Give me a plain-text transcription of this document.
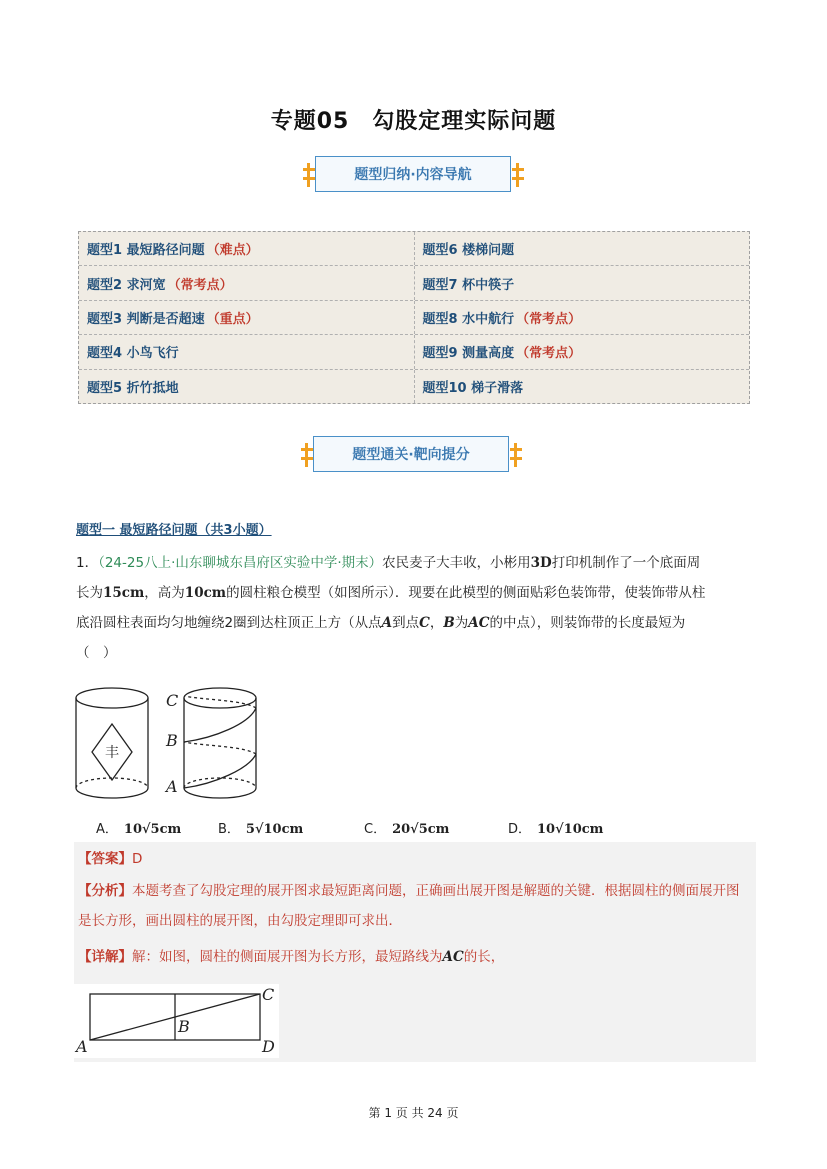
专题05　勾股定理实际问题
题型归纳·内容导航
题型1 最短路径问题 （难点）	题型6 楼梯问题
题型2 求河宽 （常考点）	题型7 杯中筷子
题型3 判断是否超速 （重点）	题型8 水中航行 （常考点）
题型4 小鸟飞行	题型9 测量高度 （常考点）
题型5 折竹抵地	题型10 梯子滑落
题型通关·靶向提分
题型一 最短路径问题（共3小题）
1．（24-25八上·山东聊城东昌府区实验中学·期末）农民麦子大丰收，小彬用3D打印机制作了一个底面周
长为15cm，高为10cm的圆柱粮仓模型（如图所示）．现要在此模型的侧面贴彩色装饰带，使装饰带从柱
底沿圆柱表面均匀地缠绕2圈到达柱顶正上方（从点A到点C，B为AC的中点），则装饰带的长度最短为
（　）
丰
C
B
A
A． 10√5cm	B． 5√10cm	C． 20√5cm	D． 10√10cm
【答案】D
【分析】本题考查了勾股定理的展开图求最短距离问题，正确画出展开图是解题的关键．根据圆柱的侧面展开图是长方形，画出圆柱的展开图，由勾股定理即可求出．
【详解】解：如图，圆柱的侧面展开图为长方形，最短路线为AC的长，
A
B
C
D
第 1 页 共 24 页
